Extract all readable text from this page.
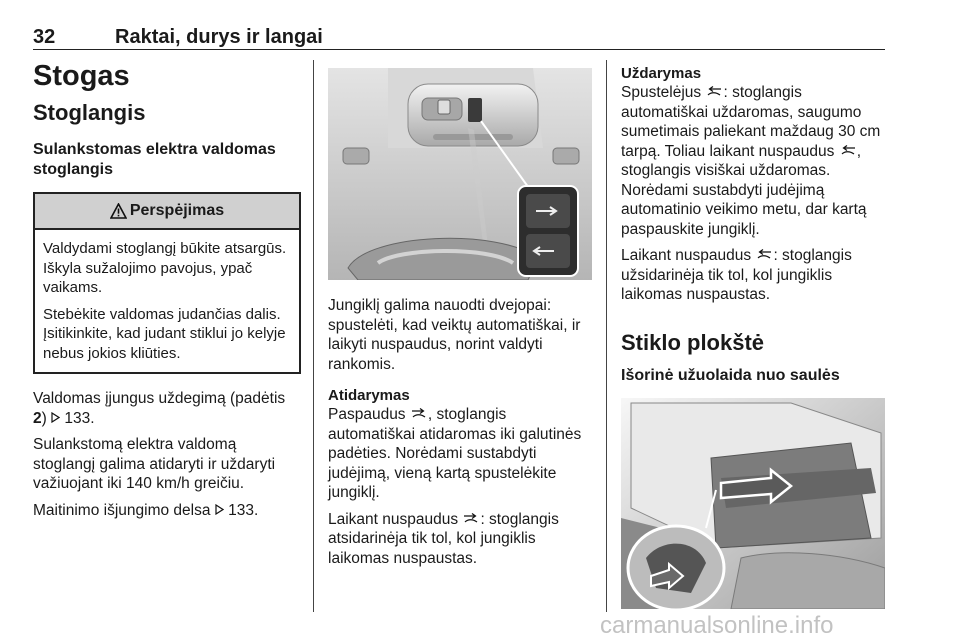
32	Raktai, durys ir langai
Stogas
Stoglangis
Sulankstomas elektra valdomas stoglangis
Perspėjimas

Valdydami stoglangį būkite atsargūs. Iškyla sužalojimo pavojus, ypač vaikams.

Stebėkite valdomas judančias dalis. Įsitikinkite, kad judant stiklui jo kelyje nebus jokios kliūties.

Valdomas įjungus uždegimą (padėtis 2)  133.

Sulankstomą elektra valdomą stoglangį galima atidaryti ir uždaryti važiuojant iki 140 km/h greičiu.

Maitinimo išjungimo delsa  133.

Jungiklį galima nauodti dvejopai: spustelėti, kad veiktų automatiškai, ir laikyti nuspaudus, norint valdyti rankomis.

Atidarymas

Paspaudus , stoglangis automatiškai atidaromas iki galutinės padėties. Norėdami sustabdyti judėjimą, vieną kartą spustelėkite jungiklį.

Laikant nuspaudus : stoglangis atsidarinėja tik tol, kol jungiklis laikomas nuspaustas.

Uždarymas

Spustelėjus : stoglangis automatiškai uždaromas, saugumo sumetimais paliekant maždaug 30 cm tarpą. Toliau laikant nuspaudus , stoglangis visiškai uždaromas. Norėdami sustabdyti judėjimą automatinio veikimo metu, dar kartą paspauskite jungiklį.

Laikant nuspaudus : stoglangis užsidarinėja tik tol, kol jungiklis laikomas nuspaustas.

Stiklo plokštė
Išorinė užuolaida nuo saulės
carmanualsonline.info
